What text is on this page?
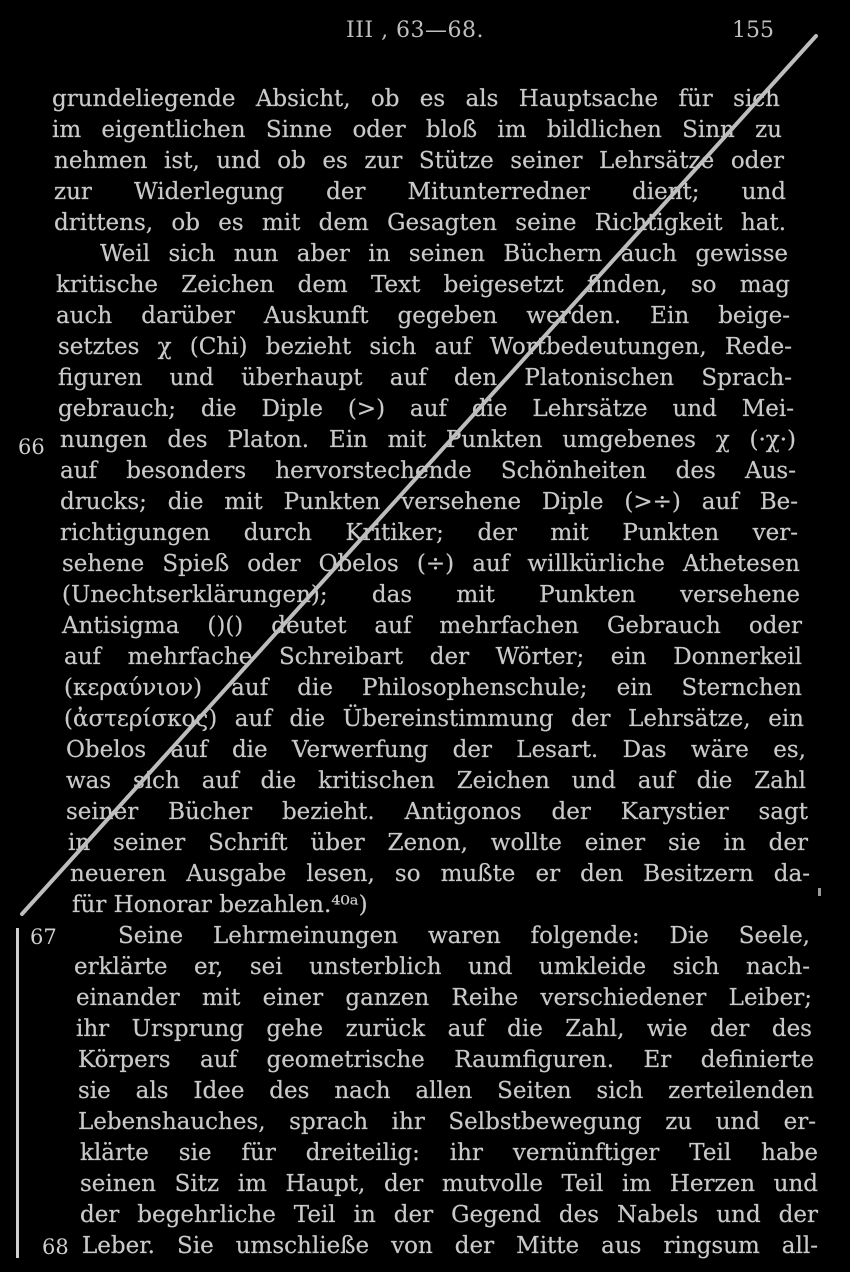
III , 63—68.	155
grundeliegende Absicht, ob es als Hauptsache für sich
im eigentlichen Sinne oder bloß im bildlichen Sinn zu
nehmen ist, und ob es zur Stütze seiner Lehrsätze oder
zur Widerlegung der Mitunterredner dient; und
drittens, ob es mit dem Gesagten seine Richtigkeit hat.
Weil sich nun aber in seinen Büchern auch gewisse
kritische Zeichen dem Text beigesetzt finden, so mag
auch darüber Auskunft gegeben werden. Ein beige-
setztes χ (Chi) bezieht sich auf Wortbedeutungen, Rede-
figuren und überhaupt auf den Platonischen Sprach-
gebrauch; die Diple (>) auf die Lehrsätze und Mei-
nungen des Platon. Ein mit Punkten umgebenes χ (·χ·)
auf besonders hervorstechende Schönheiten des Aus-
drucks; die mit Punkten versehene Diple (>÷) auf Be-
richtigungen durch Kritiker; der mit Punkten ver-
sehene Spieß oder Obelos (÷) auf willkürliche Athetesen
(Unechtserklärungen); das mit Punkten versehene
Antisigma ()() deutet auf mehrfachen Gebrauch oder
auf mehrfache Schreibart der Wörter; ein Donnerkeil
(κεραύνιον) auf die Philosophenschule; ein Sternchen
(ἀστερίσκος) auf die Übereinstimmung der Lehrsätze, ein
Obelos auf die Verwerfung der Lesart. Das wäre es,
was sich auf die kritischen Zeichen und auf die Zahl
seiner Bücher bezieht. Antigonos der Karystier sagt
in seiner Schrift über Zenon, wollte einer sie in der
neueren Ausgabe lesen, so mußte er den Besitzern da-
für Honorar bezahlen.⁴⁰ᵃ)
Seine Lehrmeinungen waren folgende: Die Seele,
erklärte er, sei unsterblich und umkleide sich nach-
einander mit einer ganzen Reihe verschiedener Leiber;
ihr Ursprung gehe zurück auf die Zahl, wie der des
Körpers auf geometrische Raumfiguren. Er definierte
sie als Idee des nach allen Seiten sich zerteilenden
Lebenshauches, sprach ihr Selbstbewegung zu und er-
klärte sie für dreiteilig: ihr vernünftiger Teil habe
seinen Sitz im Haupt, der mutvolle Teil im Herzen und
der begehrliche Teil in der Gegend des Nabels und der
Leber. Sie umschließe von der Mitte aus ringsum all-
66
67
68
